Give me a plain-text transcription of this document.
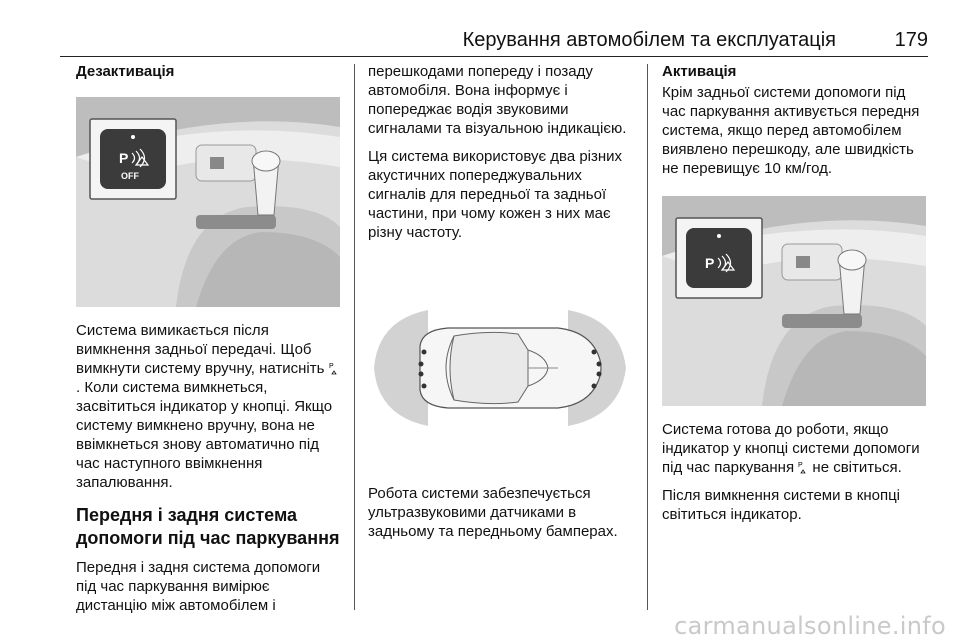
Керування автомобілем та експлуатація	179

Дезактивація

P
OFF

Система вимикається після вимкнення задньої передачі. Щоб вимкнути систему вручну, натисніть P
. Коли система вимкнеться, засвітиться індикатор у кнопці. Якщо систему вимкнено вручну, вона не ввімкнеться знову автоматично під час наступного ввімкнення запалювання.

Передня і задня система допомоги під час паркування

Передня і задня система допомоги під час паркування вимірює дистанцію між автомобілем і

перешкодами попереду і позаду автомобіля. Вона інформує і попереджає водія звуковими сигналами та візуальною індикацією.

Ця система використовує два різних акустичних попереджувальних сигналів для передньої та задньої частини, при чому кожен з них має різну частоту.

Робота системи забезпечується ультразвуковими датчиками в задньому та передньому бамперах.

Активація

Крім задньої системи допомоги під час паркування активується передня система, якщо перед автомобілем виявлено перешкоду, але швидкість не перевищує 10 км/год.

P

Система готова до роботи, якщо індикатор у кнопці системи допомоги під час паркування P не світиться.

Після вимкнення системи в кнопці світиться індикатор.

carmanualsonline.info
